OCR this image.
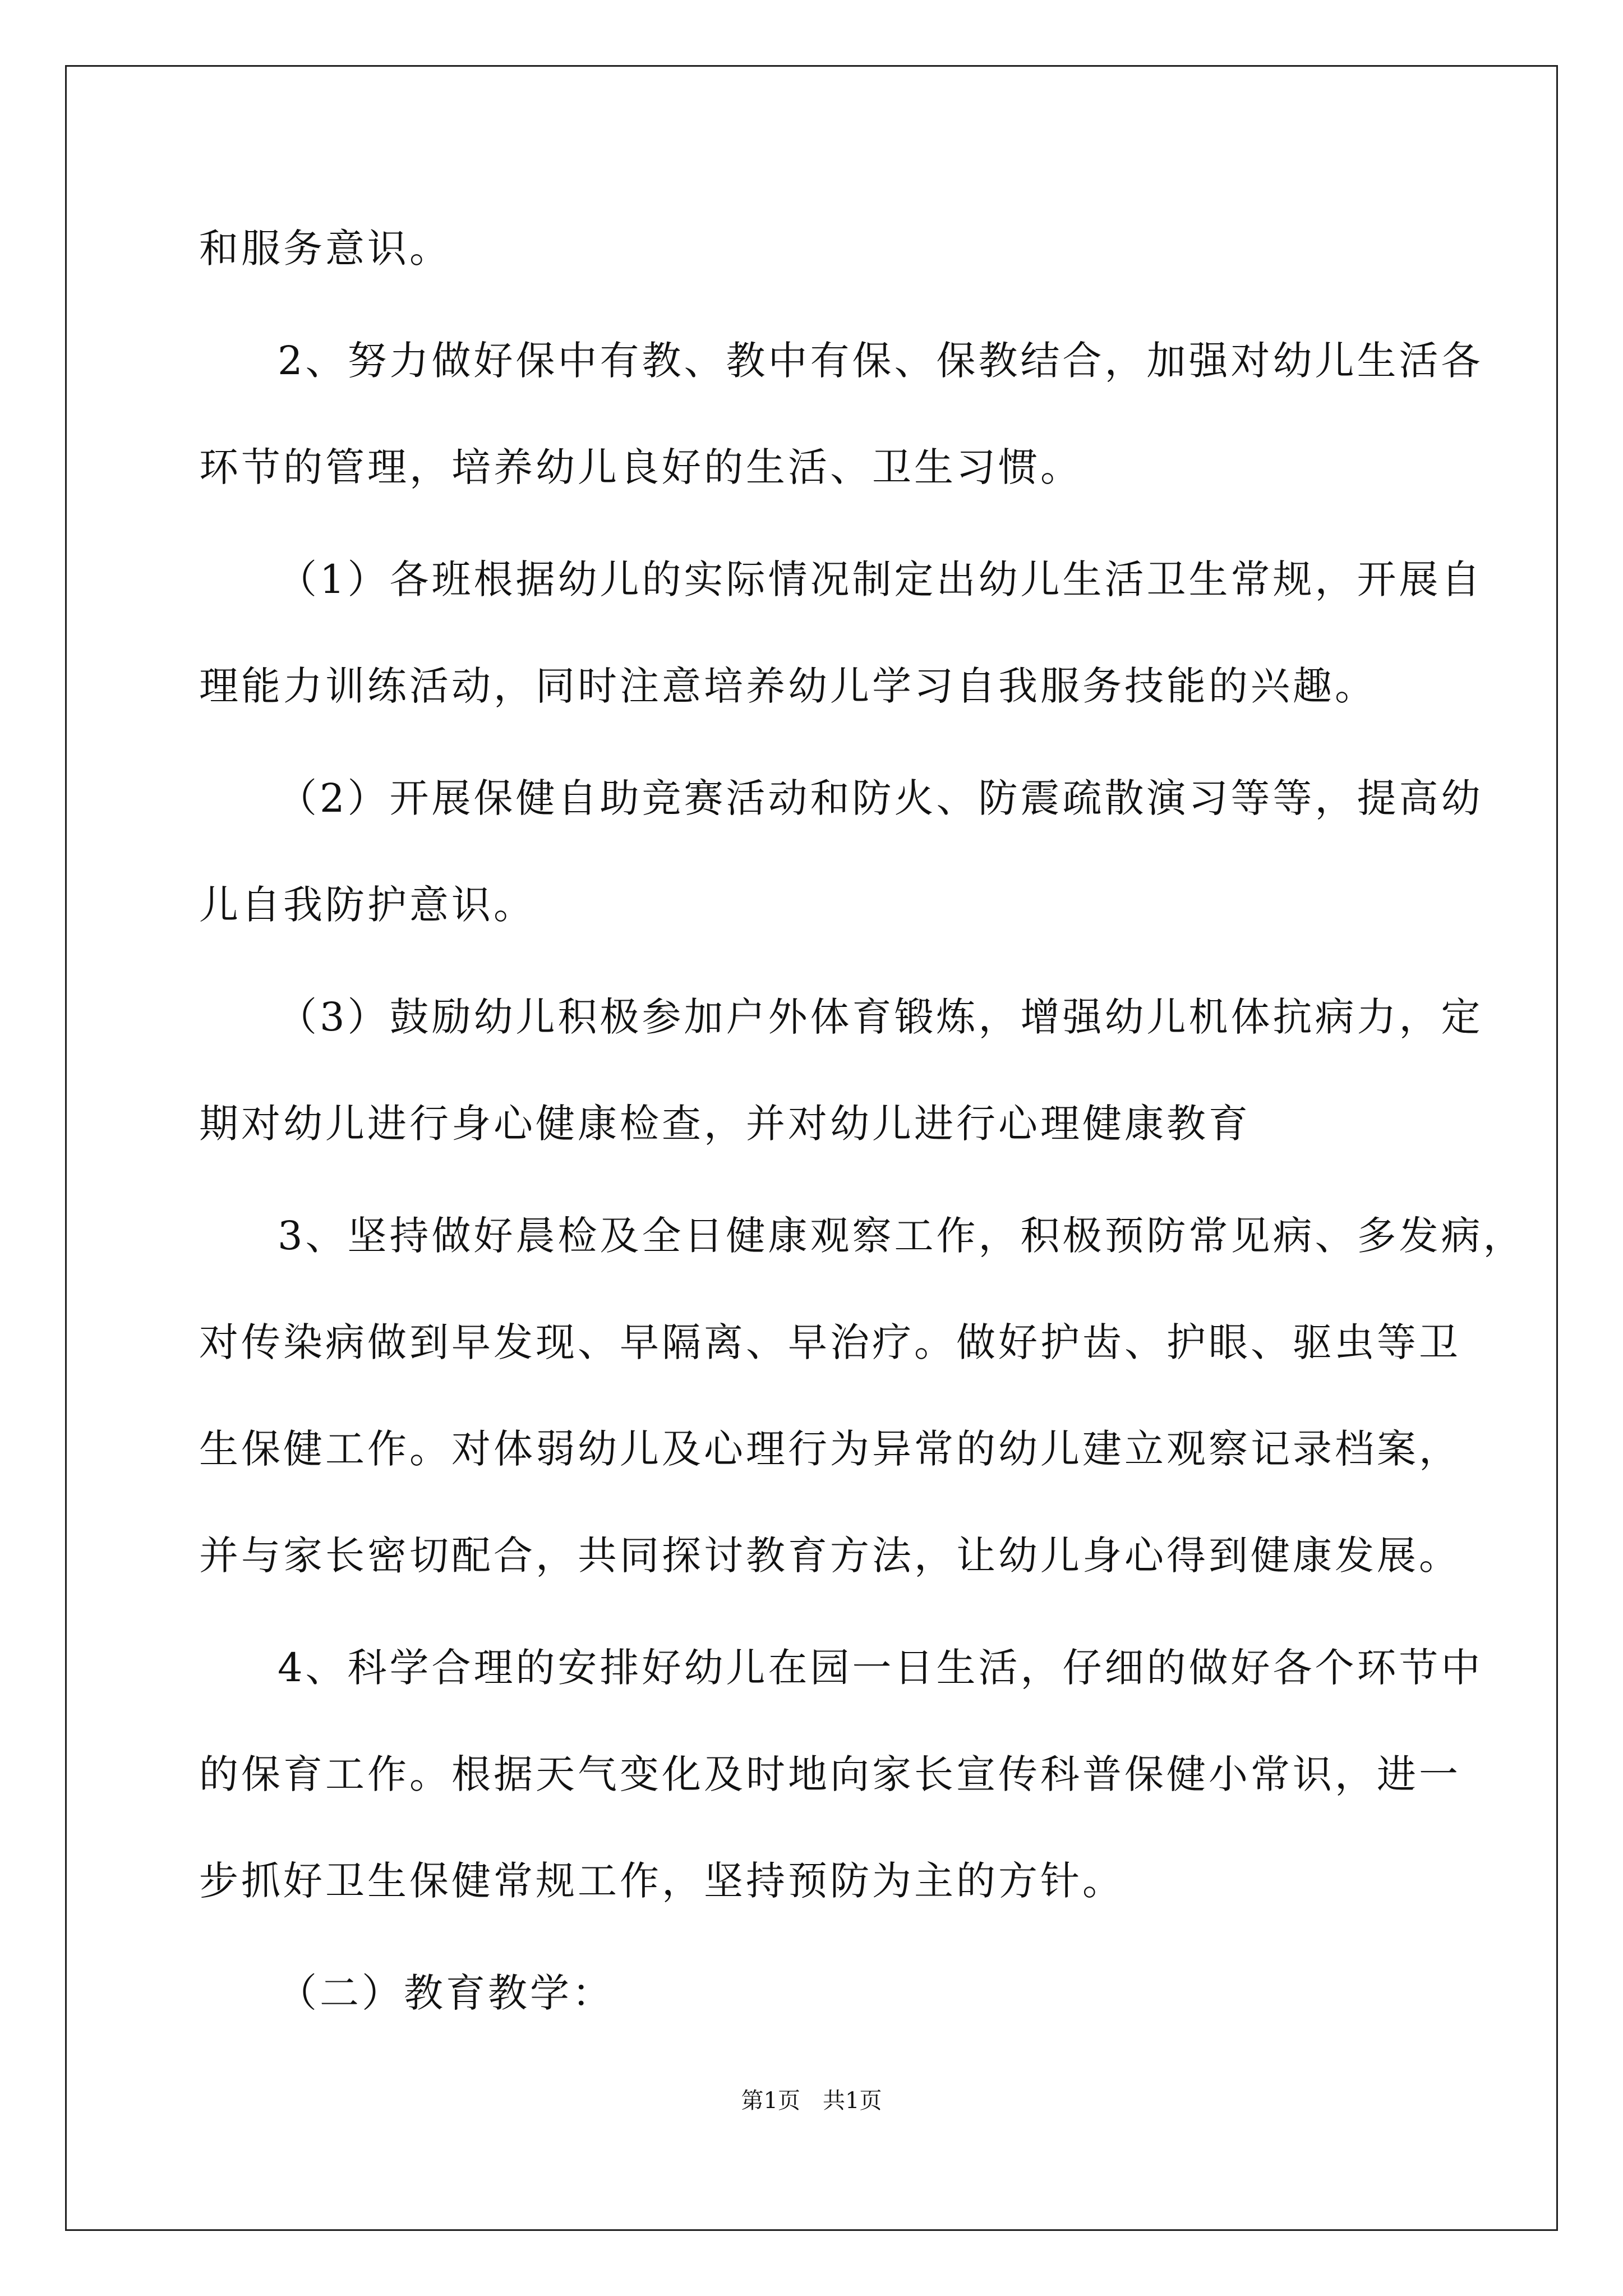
和服务意识。
2、努力做好保中有教、教中有保、保教结合，加强对幼儿生活各
环节的管理，培养幼儿良好的生活、卫生习惯。
（1）各班根据幼儿的实际情况制定出幼儿生活卫生常规，开展自
理能力训练活动，同时注意培养幼儿学习自我服务技能的兴趣。
（2）开展保健自助竞赛活动和防火、防震疏散演习等等，提高幼
儿自我防护意识。
（3）鼓励幼儿积极参加户外体育锻炼，增强幼儿机体抗病力，定
期对幼儿进行身心健康检查，并对幼儿进行心理健康教育
3、坚持做好晨检及全日健康观察工作，积极预防常见病、多发病，
对传染病做到早发现、早隔离、早治疗。做好护齿、护眼、驱虫等卫
生保健工作。对体弱幼儿及心理行为异常的幼儿建立观察记录档案，
并与家长密切配合，共同探讨教育方法，让幼儿身心得到健康发展。
4、科学合理的安排好幼儿在园一日生活，仔细的做好各个环节中
的保育工作。根据天气变化及时地向家长宣传科普保健小常识，进一
步抓好卫生保健常规工作，坚持预防为主的方针。
（二）教育教学：
第1页　共1页
